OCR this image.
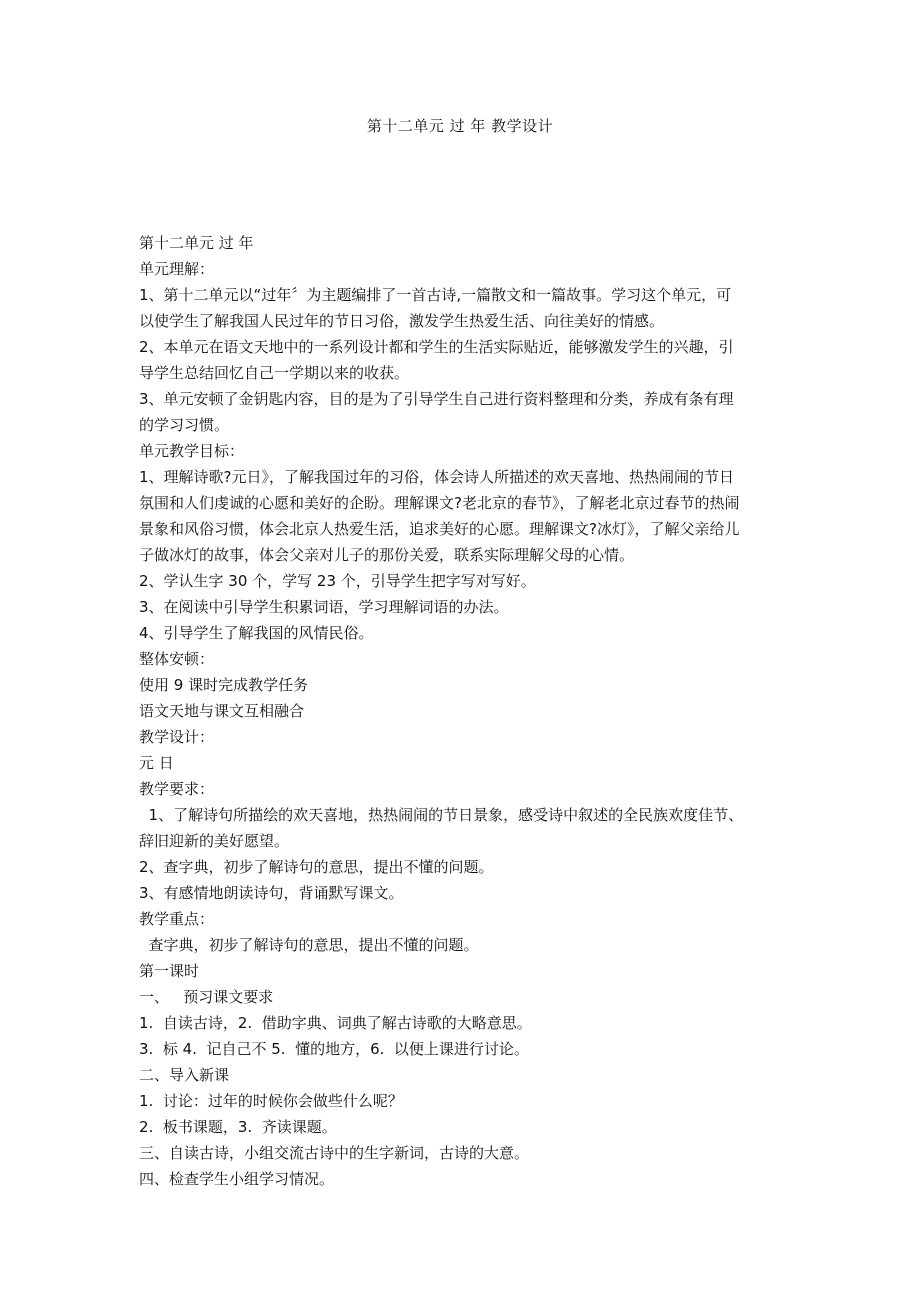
第十二单元 过 年 教学设计
第十二单元 过 年
单元理解：
1、第十二单元以“过年〞为主题编排了一首古诗,一篇散文和一篇故事。学习这个单元，可
以使学生了解我国人民过年的节日习俗，激发学生热爱生活、向往美好的情感。
2、本单元在语文天地中的一系列设计都和学生的生活实际贴近，能够激发学生的兴趣，引
导学生总结回忆自己一学期以来的收获。
3、单元安顿了金钥匙内容，目的是为了引导学生自己进行资料整理和分类，养成有条有理
的学习习惯。
单元教学目标：
1、理解诗歌?元日》，了解我国过年的习俗，体会诗人所描述的欢天喜地、热热闹闹的节日
氛围和人们虔诚的心愿和美好的企盼。理解课文?老北京的春节》，了解老北京过春节的热闹
景象和风俗习惯，体会北京人热爱生活，追求美好的心愿。理解课文?冰灯》，了解父亲给儿
子做冰灯的故事，体会父亲对儿子的那份关爱，联系实际理解父母的心情。
2、学认生字 30 个，学写 23 个，引导学生把字写对写好。
3、在阅读中引导学生积累词语，学习理解词语的办法。
4、引导学生了解我国的风情民俗。
整体安顿：
使用 9 课时完成教学任务
语文天地与课文互相融合
教学设计：
元 日
教学要求：
1、了解诗句所描绘的欢天喜地，热热闹闹的节日景象，感受诗中叙述的全民族欢度佳节、
辞旧迎新的美好愿望。
2、查字典，初步了解诗句的意思，提出不懂的问题。
3、有感情地朗读诗句，背诵默写课文。
教学重点：
查字典，初步了解诗句的意思，提出不懂的问题。
第一课时
一、   预习课文要求
1.  自读古诗，2.  借助字典、词典了解古诗歌的大略意思。
3.  标 4.  记自己不 5.  懂的地方，6.  以便上课进行讨论。
二、导入新课
1.  讨论：过年的时候你会做些什么呢？
2.  板书课题，3.  齐读课题。
三、自读古诗，小组交流古诗中的生字新词，古诗的大意。
四、检查学生小组学习情况。
